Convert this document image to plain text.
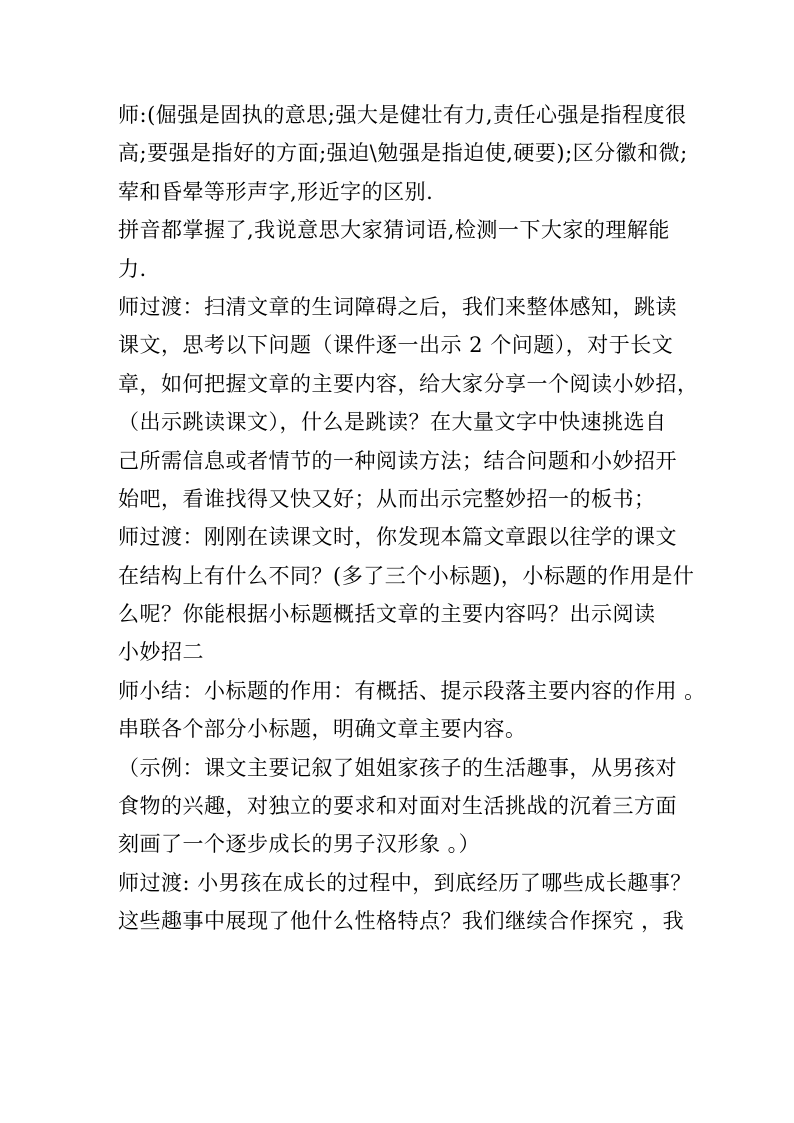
师:(倔强是固执的意思;强大是健壮有力,责任心强是指程度很
高;要强是指好的方面;强迫\勉强是指迫使,硬要);区分徽和微;
荤和昏晕等形声字,形近字的区别.
拼音都掌握了,我说意思大家猜词语,检测一下大家的理解能
力.
师过渡：扫清文章的生词障碍之后，我们来整体感知，跳读
课文，思考以下问题（课件逐一出示 2 个问题），对于长文
章，如何把握文章的主要内容，给大家分享一个阅读小妙招，
（出示跳读课文），什么是跳读？在大量文字中快速挑选自
己所需信息或者情节的一种阅读方法；结合问题和小妙招开
始吧，看谁找得又快又好；从而出示完整妙招一的板书；
师过渡：刚刚在读课文时，你发现本篇文章跟以往学的课文
在结构上有什么不同？(多了三个小标题)，小标题的作用是什
么呢？你能根据小标题概括文章的主要内容吗？出示阅读
小妙招二
师小结：小标题的作用：有概括、提示段落主要内容的作用 。
串联各个部分小标题，明确文章主要内容。
（示例：课文主要记叙了姐姐家孩子的生活趣事，从男孩对
食物的兴趣，对独立的要求和对面对生活挑战的沉着三方面
刻画了一个逐步成长的男子汉形象 。）
师过渡: 小男孩在成长的过程中，到底经历了哪些成长趣事？
这些趣事中展现了他什么性格特点？我们继续合作探究 ，我
